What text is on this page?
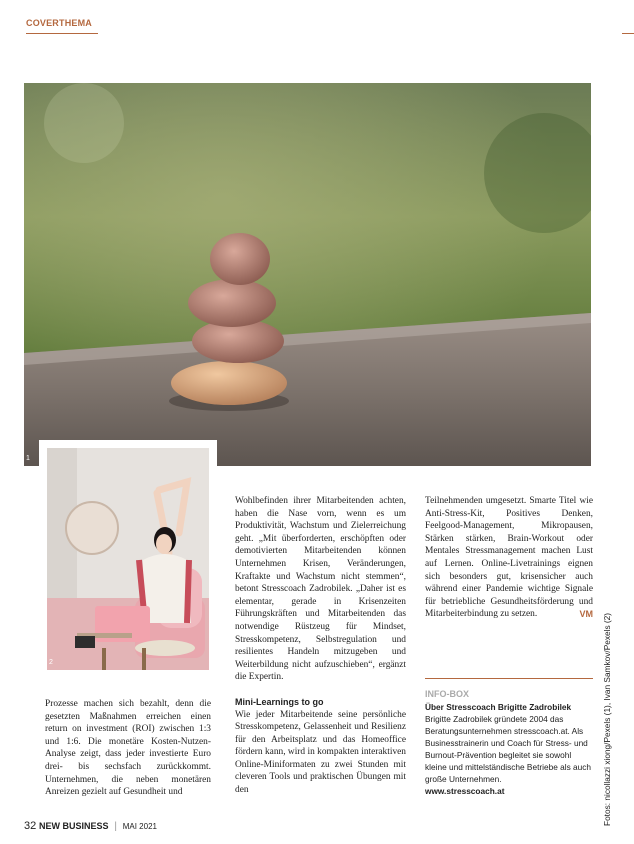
COVERTHEMA
1
2

Prozesse machen sich bezahlt, denn die gesetzten Maßnahmen erreichen einen return on investment (ROI) zwischen 1:3 und 1:6. Die monetäre Kosten-Nutzen-Analyse zeigt, dass jeder investierte Euro drei- bis sechsfach zurückkommt. Unternehmen, die neben monetären Anreizen gezielt auf Gesundheit und

Wohlbefinden ihrer Mitarbeitenden achten, haben die Nase vorn, wenn es um Produktivität, Wachstum und Zielerreichung geht. „Mit überforderten, erschöpften oder demotivierten Mitarbeitenden können Unternehmen Krisen, Veränderungen, Kraftakte und Wachstum nicht stemmen“, betont Stresscoach Zadrobilek. „Daher ist es elementar, gerade in Krisenzeiten Führungskräften und Mitarbeitenden das notwendige Rüstzeug für Mindset, Stresskompetenz, Selbstregulation und resilientes Handeln mitzugeben und Weiterbildung nicht aufzuschieben“, ergänzt die Expertin.

Mini-Learnings to go

Wie jeder Mitarbeitende seine persönliche Stresskompetenz, Gelassenheit und Resilienz für den Arbeitsplatz und das Homeoffice fördern kann, wird in kompakten interaktiven Online-Miniformaten zu zwei Stunden mit cleveren Tools und praktischen Übungen mit den

Teilnehmenden umgesetzt. Smarte Titel wie Anti-Stress-Kit, Positives Denken, Feelgood-Management, Mikropausen, Stärken stärken, Brain-Workout oder Mentales Stressmanagement machen Lust auf Lernen. Online-Livetrainings eignen sich besonders gut, krisensicher auch während einer Pandemie wichtige Signale für betriebliche Gesundheitsförderung und Mitarbeiterbindung zu setzen.	VM

INFO-BOX
Über Stresscoach Brigitte Zadrobilek
Brigitte Zadrobilek gründete 2004 das Beratungsunternehmen stresscoach.at. Als Businesstrainerin und Coach für Stress- und Burnout-Prävention begleitet sie sowohl kleine und mittelständische Betriebe als auch große Unternehmen.
www.stresscoach.at	Fotos: nicollazzi xiong/Pexels (1), Ivan Samkov/Pexels (2)
32 NEW BUSINESS | MAI 2021
